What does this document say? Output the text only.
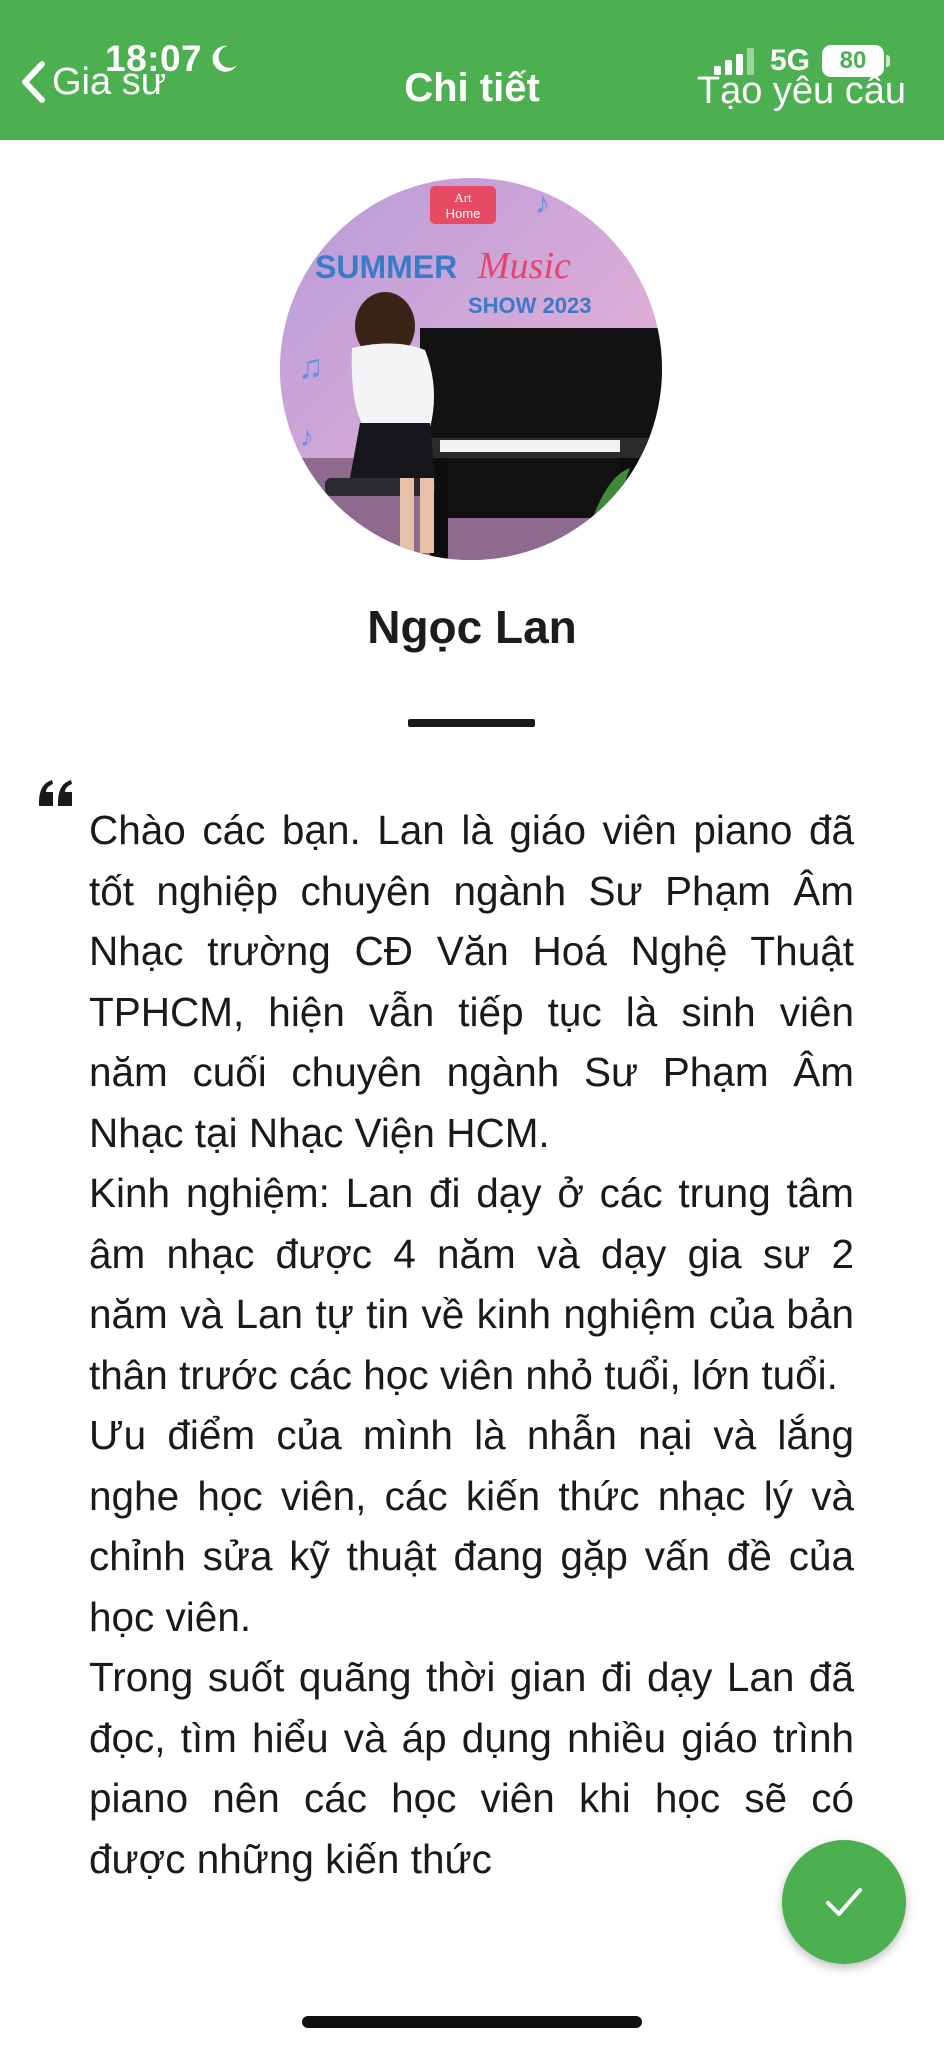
18:07
Gia sư	Chi tiết
5G 80
Tạo yêu cầu
Art
Home
SUMMER Music
SHOW 2023
♪
♫
♪
Ngọc Lan

Chào các bạn. Lan là giáo viên piano đã tốt nghiệp chuyên ngành Sư Phạm Âm Nhạc trường CĐ Văn Hoá Nghệ Thuật TPHCM, hiện vẫn tiếp tục là sinh viên năm cuối chuyên ngành Sư Phạm Âm Nhạc tại Nhạc Viện HCM.

Kinh nghiệm: Lan đi dạy ở các trung tâm âm nhạc được 4 năm và dạy gia sư 2 năm và Lan tự tin về kinh nghiệm của bản thân trước các học viên nhỏ tuổi, lớn tuổi.

Ưu điểm của mình là nhẫn nại và lắng nghe học viên, các kiến thức nhạc lý và chỉnh sửa kỹ thuật đang gặp vấn đề của học viên.

Trong suốt quãng thời gian đi dạy Lan đã đọc, tìm hiểu và áp dụng nhiều giáo trình piano nên các học viên khi học sẽ có được những kiến thức
